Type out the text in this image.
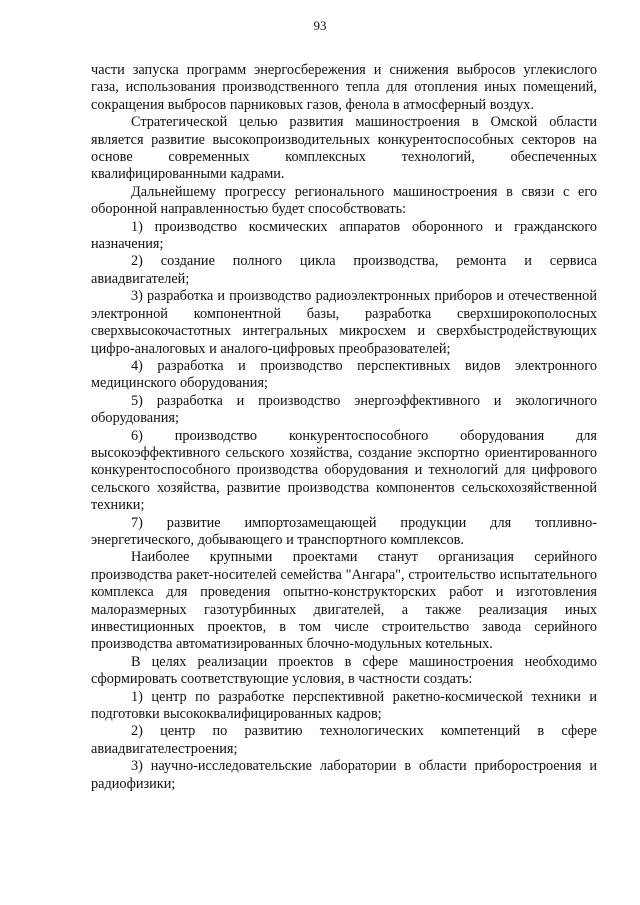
93

части запуска программ энергосбережения и снижения выбросов углекислого газа, использования производственного тепла для отопления иных помещений, сокращения выбросов парниковых газов, фенола в атмосферный воздух.

Стратегической целью развития машиностроения в Омской области является развитие высокопроизводительных конкурентоспособных секторов на основе современных комплексных технологий, обеспеченных квалифицированными кадрами.

Дальнейшему прогрессу регионального машиностроения в связи с его оборонной направленностью будет способствовать:

1) производство космических аппаратов оборонного и гражданского назначения;

2) создание полного цикла производства, ремонта и сервиса авиадвигателей;

3) разработка и производство радиоэлектронных приборов и отечественной электронной компонентной базы, разработка сверхширокополосных сверхвысокочастотных интегральных микросхем и сверхбыстродействующих цифро-аналоговых и аналого-цифровых преобразователей;

4) разработка и производство перспективных видов электронного медицинского оборудования;

5) разработка и производство энергоэффективного и экологичного оборудования;

6) производство конкурентоспособного оборудования для высокоэффективного сельского хозяйства, создание экспортно ориентированного конкурентоспособного производства оборудования и технологий для цифрового сельского хозяйства, развитие производства компонентов сельскохозяйственной техники;

7) развитие импортозамещающей продукции для топливно-энергетического, добывающего и транспортного комплексов.

Наиболее крупными проектами станут организация серийного производства ракет-носителей семейства "Ангара", строительство испытательного комплекса для проведения опытно-конструкторских работ и изготовления малоразмерных газотурбинных двигателей, а также реализация иных инвестиционных проектов, в том числе строительство завода серийного производства автоматизированных блочно-модульных котельных.

В целях реализации проектов в сфере машиностроения необходимо сформировать соответствующие условия, в частности создать:

1) центр по разработке перспективной ракетно-космической техники и подготовки высококвалифицированных кадров;

2) центр по развитию технологических компетенций в сфере авиадвигателестроения;

3) научно-исследовательские лаборатории в области приборостроения и радиофизики;
